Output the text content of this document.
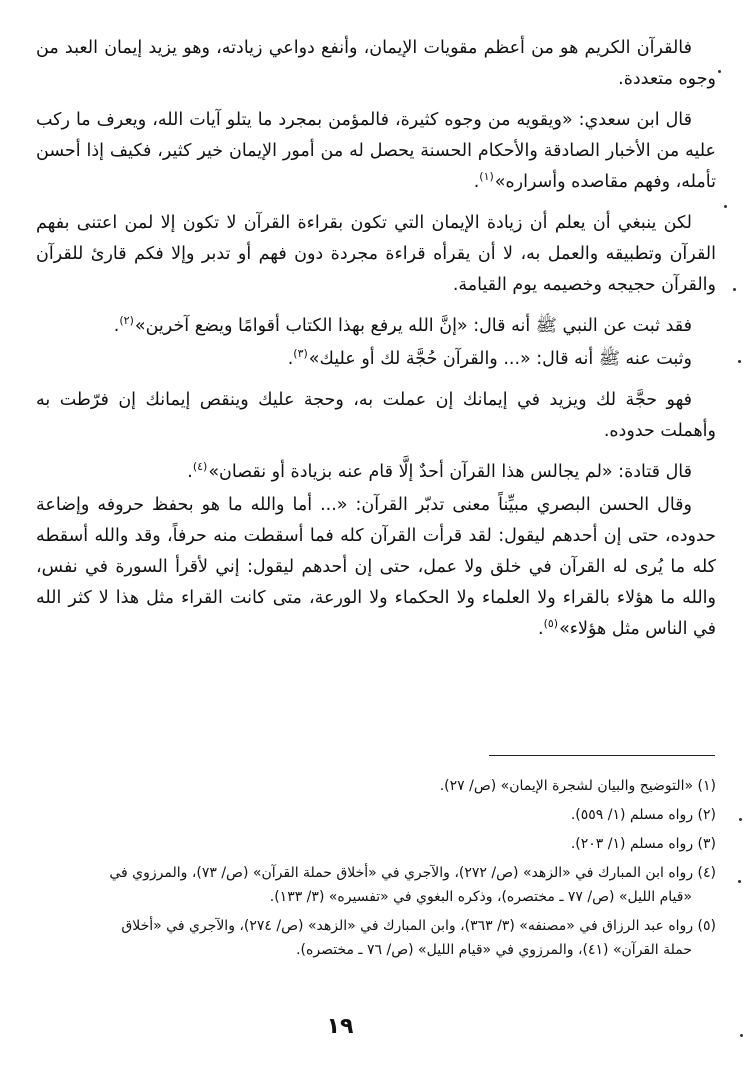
فالقرآن الكريم هو من أعظم مقويات الإيمان، وأنفع دواعي زيادته، وهو يزيد إيمان العبد من وجوه متعددة.

قال ابن سعدي: «ويقويه من وجوه كثيرة، فالمؤمن بمجرد ما يتلو آيات الله، ويعرف ما ركب عليه من الأخبار الصادقة والأحكام الحسنة يحصل له من أمور الإيمان خير كثير، فكيف إذا أحسن تأمله، وفهم مقاصده وأسراره»$^{(١)}$.

لكن ينبغي أن يعلم أن زيادة الإيمان التي تكون بقراءة القرآن لا تكون إلا لمن اعتنى بفهم القرآن وتطبيقه والعمل به، لا أن يقرأه قراءة مجردة دون فهم أو تدبر وإلا فكم قارئ للقرآن والقرآن حجيجه وخصيمه يوم القيامة.

فقد ثبت عن النبي ﷺ أنه قال: «إنَّ الله يرفع بهذا الكتاب أقوامًا ويضع آخرين»$^{(٢)}$.

وثبت عنه ﷺ أنه قال: «... والقرآن حُجَّة لك أو عليك»$^{(٣)}$.

فهو حجَّة لك ويزيد في إيمانك إن عملت به، وحجة عليك وينقص إيمانك إن فرّطت به وأهملت حدوده.

قال قتادة: «لم يجالس هذا القرآن أحدٌ إلَّا قام عنه بزيادة أو نقصان»$^{(٤)}$.

وقال الحسن البصري مبيِّناً معنى تدبّر القرآن: «... أما والله ما هو بحفظ حروفه وإضاعة حدوده، حتى إن أحدهم ليقول: لقد قرأت القرآن كله فما أسقطت منه حرفاً، وقد والله أسقطه كله ما يُرى له القرآن في خلق ولا عمل، حتى إن أحدهم ليقول: إني لأقرأ السورة في نفس، والله ما هؤلاء بالقراء ولا العلماء ولا الحكماء ولا الورعة، متى كانت القراء مثل هذا لا كثر الله في الناس مثل هؤلاء»$^{(٥)}$.

(١) «التوضيح والبيان لشجرة الإيمان» (ص/ ٢٧).
(٢) رواه مسلم (١/ ٥٥٩).
(٣) رواه مسلم (١/ ٢٠٣).
(٤) رواه ابن المبارك في «الزهد» (ص/ ٢٧٢)، والآجري في «أخلاق حملة القرآن» (ص/ ٧٣)، والمرزوي في
«قيام الليل» (ص/ ٧٧ ـ مختصره)، وذكره البغوي في «تفسيره» (٣/ ١٣٣).
(٥) رواه عبد الرزاق في «مصنفه» (٣/ ٣٦٣)، وابن المبارك في «الزهد» (ص/ ٢٧٤)، والآجري في «أخلاق
حملة القرآن» (٤١)، والمرزوي في «قيام الليل» (ص/ ٧٦ ـ مختصره).
١٩
